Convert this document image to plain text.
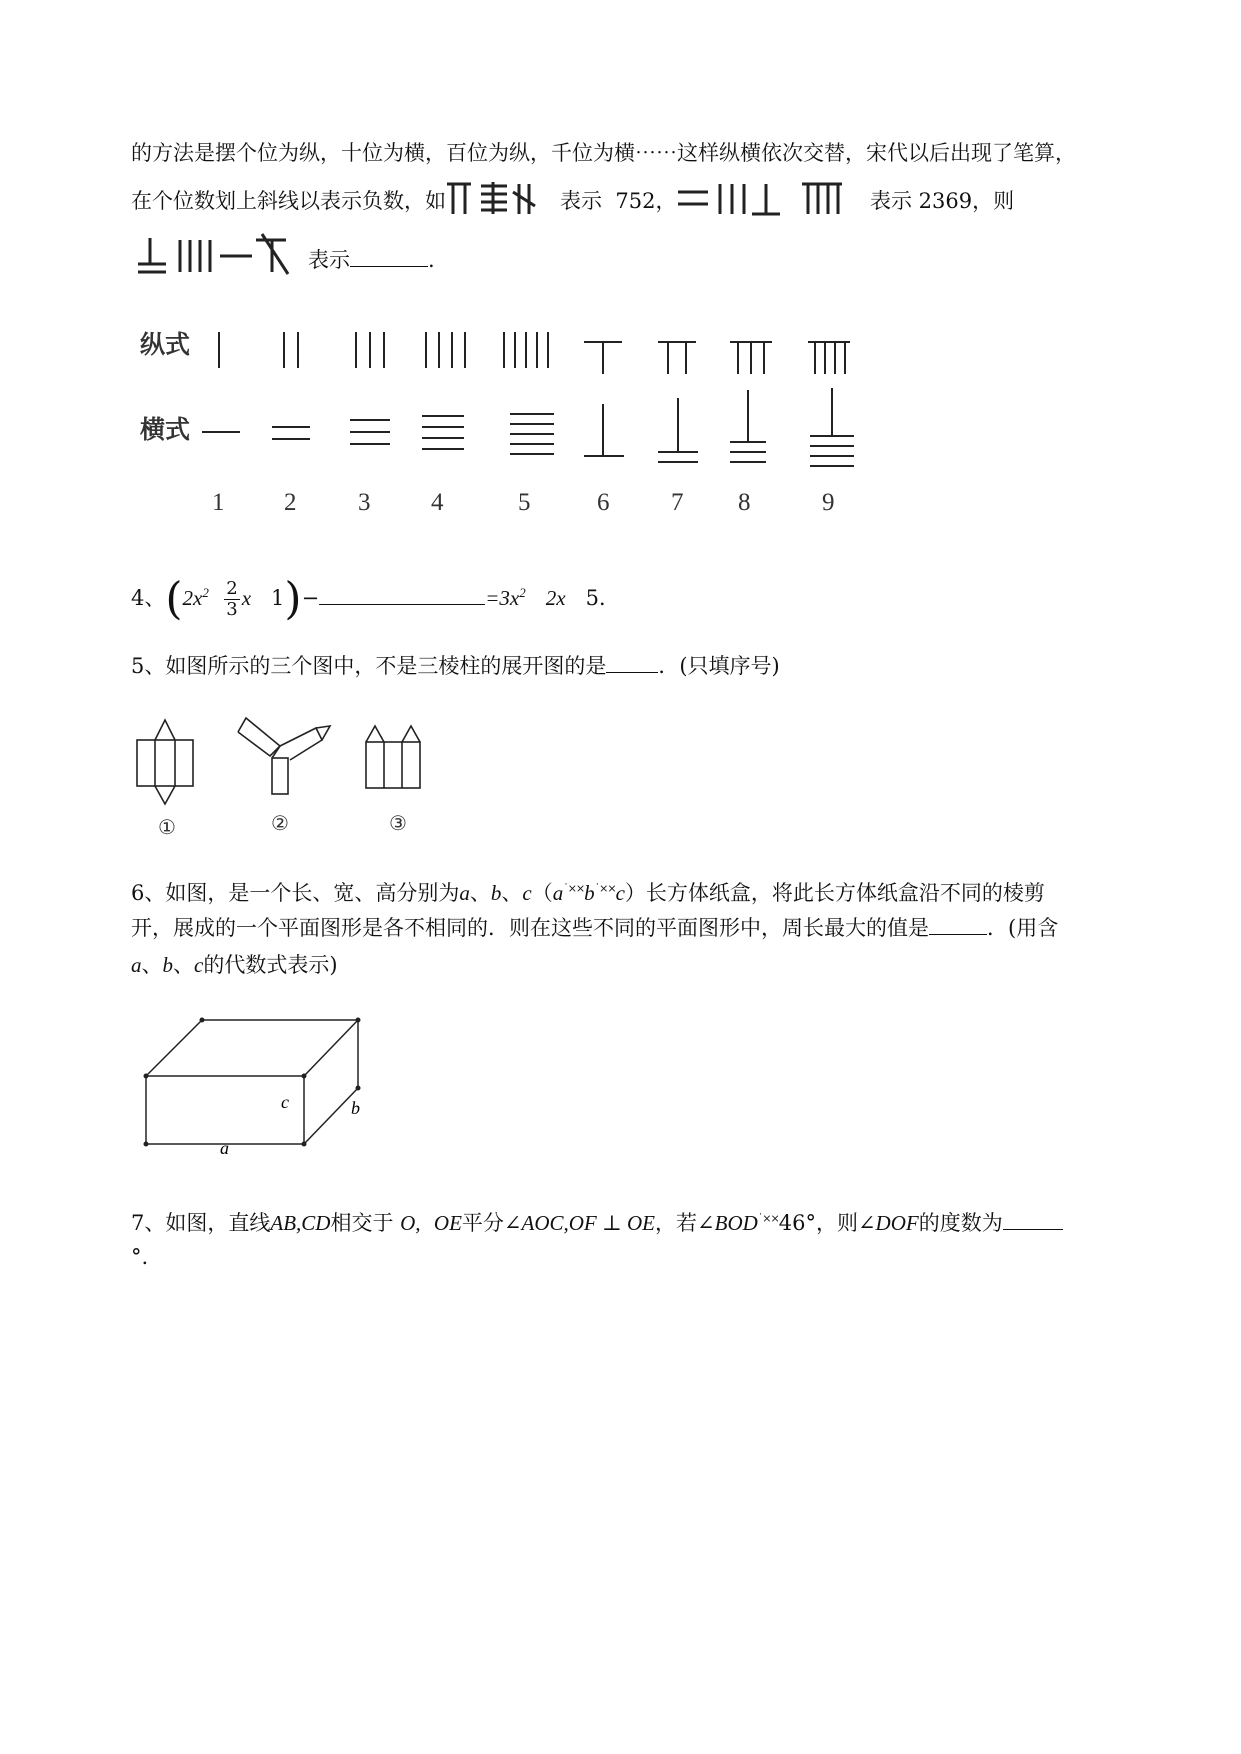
的方法是摆个位为纵，十位为横，百位为纵，千位为横⋯⋯这样纵横依次交替，宋代以后出现了笔算，
在个位数划上斜线以表示负数，如	表示 752，	表示 2369，则
表示	.
纵式
横式
1 2 3 4	5	6 7 8	9
4、($2x^2 \frac{2}{3}$ x 1)−	$=3x^2$ 2x 5．
5、如图所示的三个图中，不是三棱柱的展开图的是 ．(只填序号)
①	②	③
6、如图，是一个长、宽、高分别为a、b、c（a˙××b˙××c）长方体纸盒，将此长方体纸盒沿不同的棱剪
开，展成的一个平面图形是各不相同的．则在这些不同的平面图形中，周长最大的值是	．(用含
a、b、c的代数式表示)
c	b
a
7、如图，直线AB,CD相交于 O, OE平分∠AOC,OF ⊥ OE，若∠BOD˙××46°，则∠DOF的度数为
°.
